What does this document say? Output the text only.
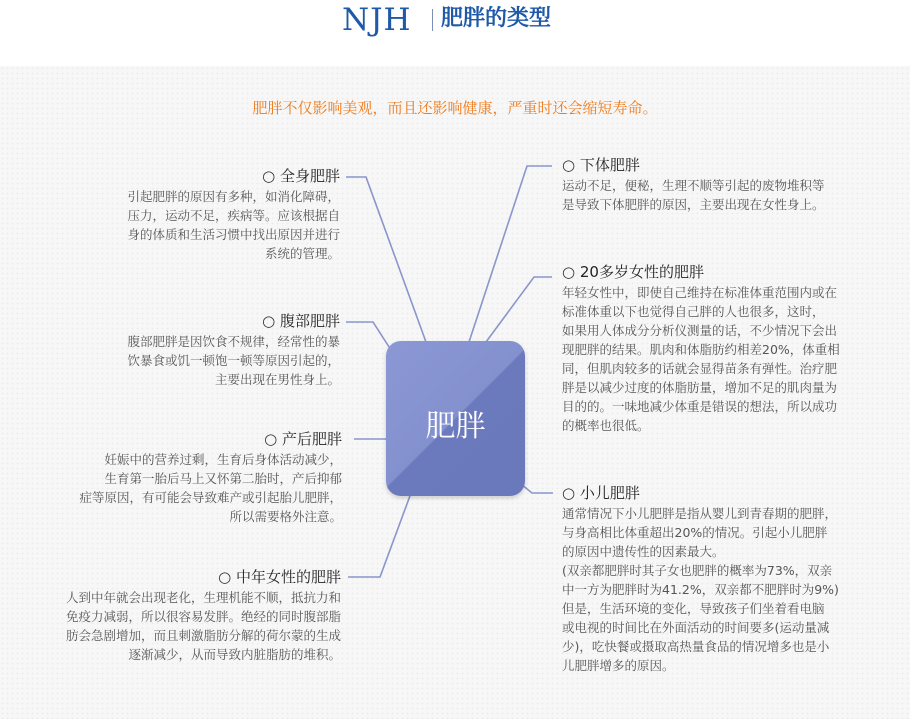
NJH 肥胖的类型
肥胖不仅影响美观，而且还影响健康，严重时还会缩短寿命。
肥胖
○ 全身肥胖
引起肥胖的原因有多种，如消化障碍，
压力，运动不足，疾病等。应该根据自
身的体质和生活习惯中找出原因并进行
系统的管理。
○ 腹部肥胖
腹部肥胖是因饮食不规律，经常性的暴
饮暴食或饥一顿饱一顿等原因引起的，
主要出现在男性身上。
○ 产后肥胖
妊娠中的营养过剩，生育后身体活动减少，
生育第一胎后马上又怀第二胎时，产后抑郁
症等原因，有可能会导致难产或引起胎儿肥胖，
所以需要格外注意。
○ 中年女性的肥胖
人到中年就会出现老化，生理机能不顺，抵抗力和
免疫力减弱，所以很容易发胖。绝经的同时腹部脂
肪会急剧增加，而且刺激脂肪分解的荷尔蒙的生成
逐渐减少，从而导致内脏脂肪的堆积。
○ 下体肥胖
运动不足，便秘，生理不顺等引起的废物堆积等
是导致下体肥胖的原因，主要出现在女性身上。
○ 20多岁女性的肥胖
年轻女性中，即使自己维持在标准体重范围内或在
标准体重以下也觉得自己胖的人也很多，这时，
如果用人体成分分析仪测量的话，不少情况下会出
现肥胖的结果。肌肉和体脂肪约相差20%，体重相
同，但肌肉较多的话就会显得苗条有弹性。治疗肥
胖是以减少过度的体脂肪量，增加不足的肌肉量为
目的的。一味地减少体重是错误的想法，所以成功
的概率也很低。
○ 小儿肥胖
通常情况下小儿肥胖是指从婴儿到青春期的肥胖，
与身高相比体重超出20%的情况。引起小儿肥胖
的原因中遗传性的因素最大。
(双亲都肥胖时其子女也肥胖的概率为73%，双亲
中一方为肥胖时为41.2%，双亲都不肥胖时为9%)
但是，生活环境的变化，导致孩子们坐着看电脑
或电视的时间比在外面活动的时间要多(运动量减
少)，吃快餐或摄取高热量食品的情况增多也是小
儿肥胖增多的原因。
